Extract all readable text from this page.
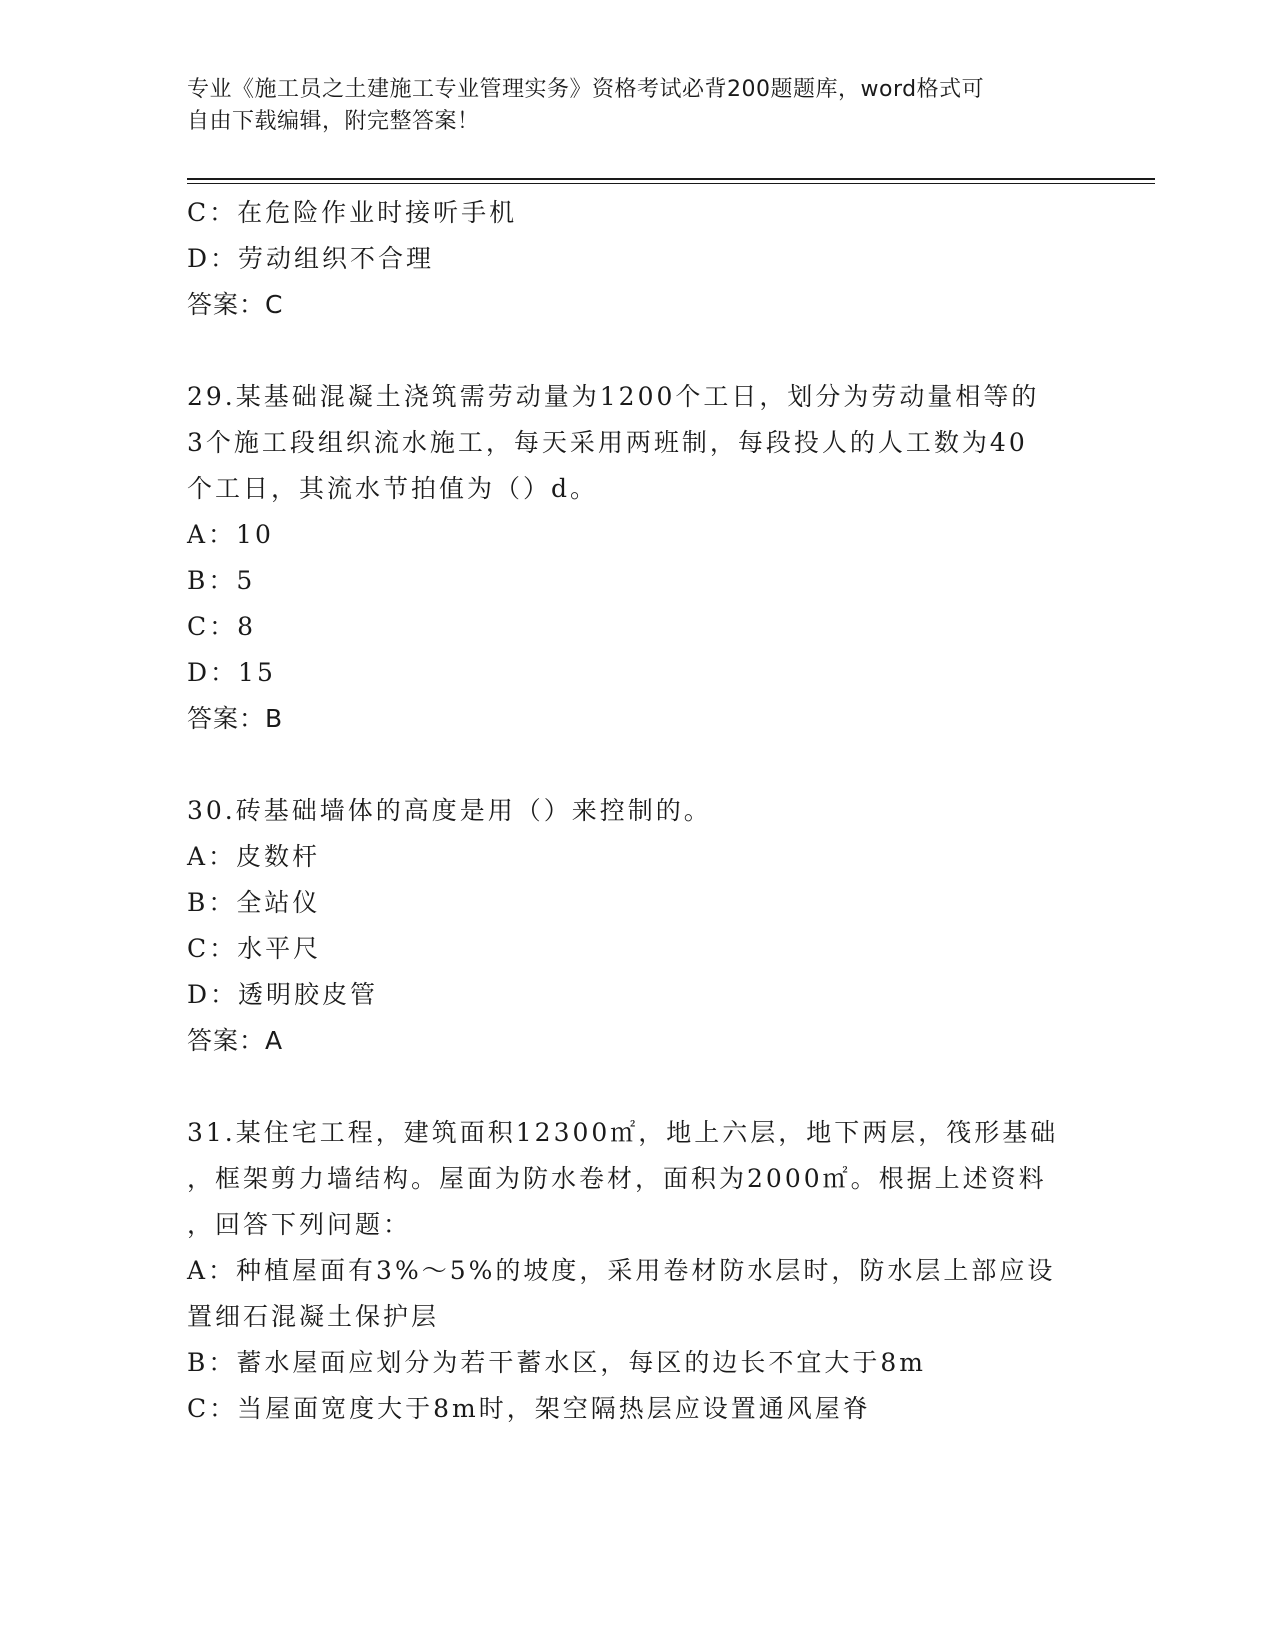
专业《施工员之土建施工专业管理实务》资格考试必背200题题库，word格式可
自由下载编辑，附完整答案！
C：在危险作业时接听手机
D：劳动组织不合理
答案：C
29.某基础混凝土浇筑需劳动量为1200个工日，划分为劳动量相等的
3个施工段组织流水施工，每天采用两班制，每段投人的人工数为40
个工日，其流水节拍值为（）d。
A：10
B：5
C：8
D：15
答案：B
30.砖基础墙体的高度是用（）来控制的。
A：皮数杆
B：全站仪
C：水平尺
D：透明胶皮管
答案：A
31.某住宅工程，建筑面积12300㎡，地上六层，地下两层，筏形基础
，框架剪力墙结构。屋面为防水卷材，面积为2000㎡。根据上述资料
，回答下列问题：
A：种植屋面有3%～5%的坡度，采用卷材防水层时，防水层上部应设
置细石混凝土保护层
B：蓄水屋面应划分为若干蓄水区，每区的边长不宜大于8m
C：当屋面宽度大于8m时，架空隔热层应设置通风屋脊
